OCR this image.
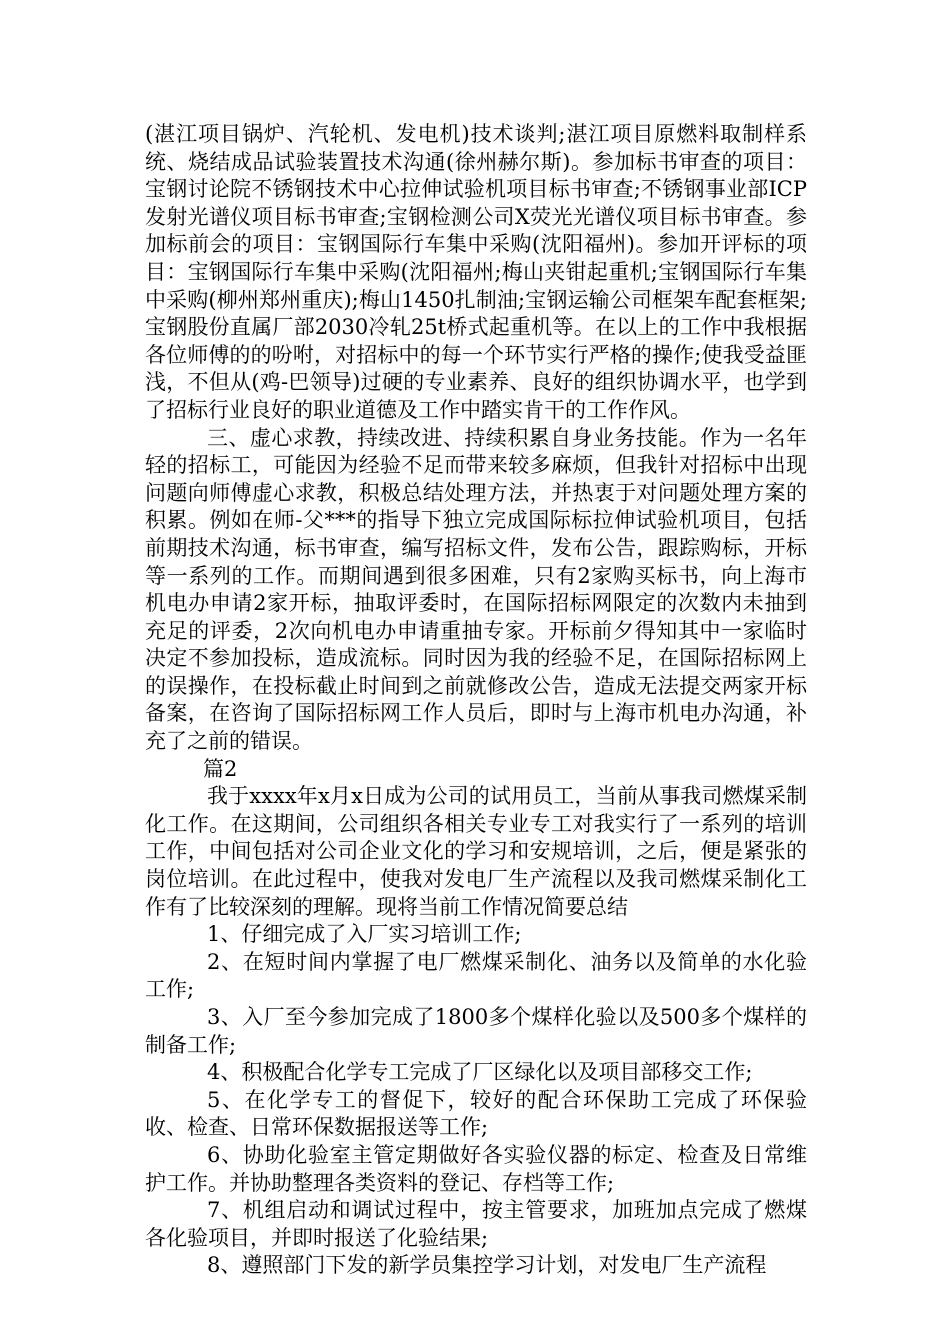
(湛江项目锅炉、汽轮机、发电机)技术谈判;湛江项目原燃料取制样系统、烧结成品试验装置技术沟通(徐州赫尔斯)。参加标书审查的项目：宝钢讨论院不锈钢技术中心拉伸试验机项目标书审查;不锈钢事业部ICP发射光谱仪项目标书审查;宝钢检测公司X荧光光谱仪项目标书审查。参加标前会的项目：宝钢国际行车集中采购(沈阳福州)。参加开评标的项目：宝钢国际行车集中采购(沈阳福州;梅山夹钳起重机;宝钢国际行车集中采购(柳州郑州重庆);梅山1450扎制油;宝钢运输公司框架车配套框架;宝钢股份直属厂部2030冷轧25t桥式起重机等。在以上的工作中我根据各位师傅的的吩咐，对招标中的每一个环节实行严格的操作;使我受益匪浅，不但从(鸡-巴领导)过硬的专业素养、良好的组织协调水平，也学到了招标行业良好的职业道德及工作中踏实肯干的工作作风。

三、虚心求教，持续改进、持续积累自身业务技能。作为一名年轻的招标工，可能因为经验不足而带来较多麻烦，但我针对招标中出现问题向师傅虚心求教，积极总结处理方法，并热衷于对问题处理方案的积累。例如在师-父***的指导下独立完成国际标拉伸试验机项目，包括前期技术沟通，标书审查，编写招标文件，发布公告，跟踪购标，开标等一系列的工作。而期间遇到很多困难，只有2家购买标书，向上海市机电办申请2家开标，抽取评委时，在国际招标网限定的次数内未抽到充足的评委，2次向机电办申请重抽专家。开标前夕得知其中一家临时决定不参加投标，造成流标。同时因为我的经验不足，在国际招标网上的误操作，在投标截止时间到之前就修改公告，造成无法提交两家开标备案，在咨询了国际招标网工作人员后，即时与上海市机电办沟通，补充了之前的错误。

篇2

我于xxxx年x月x日成为公司的试用员工，当前从事我司燃煤采制化工作。在这期间，公司组织各相关专业专工对我实行了一系列的培训工作，中间包括对公司企业文化的学习和安规培训，之后，便是紧张的岗位培训。在此过程中，使我对发电厂生产流程以及我司燃煤采制化工作有了比较深刻的理解。现将当前工作情况简要总结

1、仔细完成了入厂实习培训工作;

2、在短时间内掌握了电厂燃煤采制化、油务以及简单的水化验工作;

3、入厂至今参加完成了1800多个煤样化验以及500多个煤样的制备工作;

4、积极配合化学专工完成了厂区绿化以及项目部移交工作;

5、在化学专工的督促下，较好的配合环保助工完成了环保验收、检查、日常环保数据报送等工作;

6、协助化验室主管定期做好各实验仪器的标定、检查及日常维护工作。并协助整理各类资料的登记、存档等工作;

7、机组启动和调试过程中，按主管要求，加班加点完成了燃煤各化验项目，并即时报送了化验结果;

8、遵照部门下发的新学员集控学习计划，对发电厂生产流程
